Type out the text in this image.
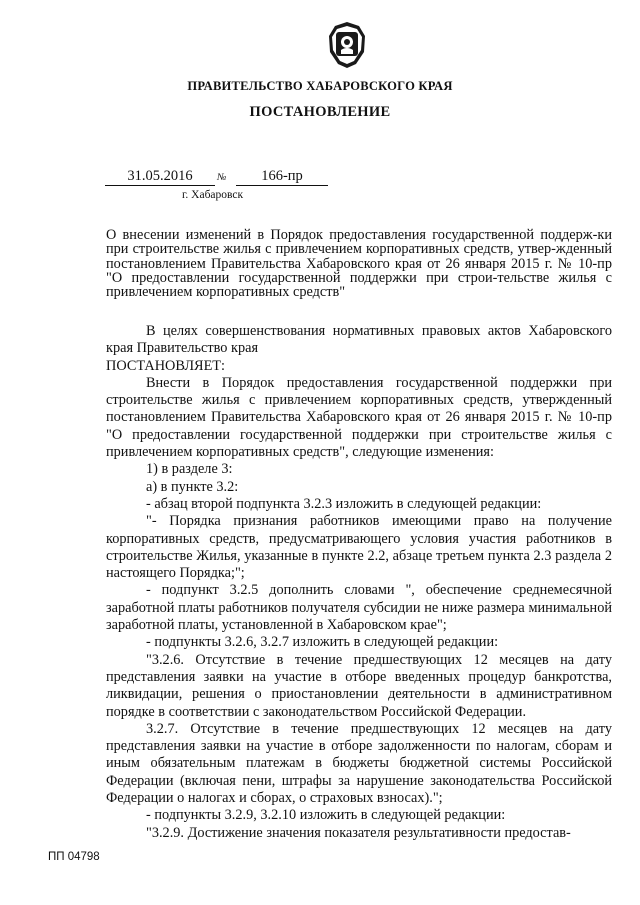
ПРАВИТЕЛЬСТВО ХАБАРОВСКОГО КРАЯ
ПОСТАНОВЛЕНИЕ
31.05.2016	№	166-пр
г. Хабаровск
О внесении изменений в Порядок предоставления государственной поддерж-ки при строительстве жилья с привлечением корпоративных средств, утвер-жденный постановлением Правительства Хабаровского края от 26 января 2015 г. № 10-пр "О предоставлении государственной поддержки при строи-тельстве жилья с привлечением корпоративных средств"

В целях совершенствования нормативных правовых актов Хабаровского края Правительство края

ПОСТАНОВЛЯЕТ:

Внести в Порядок предоставления государственной поддержки при строительстве жилья с привлечением корпоративных средств, утвержденный постановлением Правительства Хабаровского края от 26 января 2015 г. № 10-пр "О предоставлении государственной поддержки при строительстве жилья с привлечением корпоративных средств", следующие изменения:

1) в разделе 3:

а) в пункте 3.2:

- абзац второй подпункта 3.2.3 изложить в следующей редакции:

"- Порядка признания работников имеющими право на получение корпоративных средств, предусматривающего условия участия работников в строительстве Жилья, указанные в пункте 2.2, абзаце третьем пункта 2.3 раздела 2 настоящего Порядка;";

- подпункт 3.2.5 дополнить словами ", обеспечение среднемесячной заработной платы работников получателя субсидии не ниже размера минимальной заработной платы, установленной в Хабаровском крае";

- подпункты 3.2.6, 3.2.7 изложить в следующей редакции:

"3.2.6. Отсутствие в течение предшествующих 12 месяцев на дату представления заявки на участие в отборе введенных процедур банкротства, ликвидации, решения о приостановлении деятельности в административном порядке в соответствии с законодательством Российской Федерации.

3.2.7. Отсутствие в течение предшествующих 12 месяцев на дату представления заявки на участие в отборе задолженности по налогам, сборам и иным обязательным платежам в бюджеты бюджетной системы Российской Федерации (включая пени, штрафы за нарушение законодательства Российской Федерации о налогах и сборах, о страховых взносах).";

- подпункты 3.2.9, 3.2.10 изложить в следующей редакции:

"3.2.9. Достижение значения показателя результативности предостав-

ПП 04798
